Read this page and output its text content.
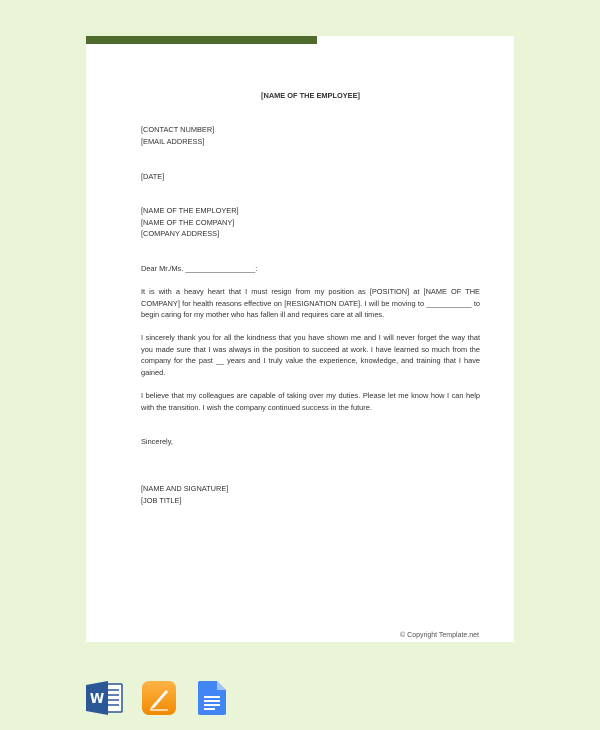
[NAME OF THE EMPLOYEE]

[CONTACT NUMBER]

[EMAIL ADDRESS]

[DATE]

[NAME OF THE EMPLOYER]

[NAME OF THE COMPANY]

[COMPANY ADDRESS]

Dear Mr./Ms. _________________:

It is with a heavy heart that I must resign from my position as [POSITION] at [NAME OF THE COMPANY] for health reasons effective on [RESIGNATION DATE]. I will be moving to ___________ to begin caring for my mother who has fallen ill and requires care at all times.

I sincerely thank you for all the kindness that you have shown me and I will never forget the way that you made sure that I was always in the position to succeed at work. I have learned so much from the company for the past __ years and I truly value the experience, knowledge, and training that I have gained.

I believe that my colleagues are capable of taking over my duties. Please let me know how I can help with the transition. I wish the company continued success in the future.

Sincerely,

[NAME AND SIGNATURE]

[JOB TITLE]

© Copyright Template.net
W
